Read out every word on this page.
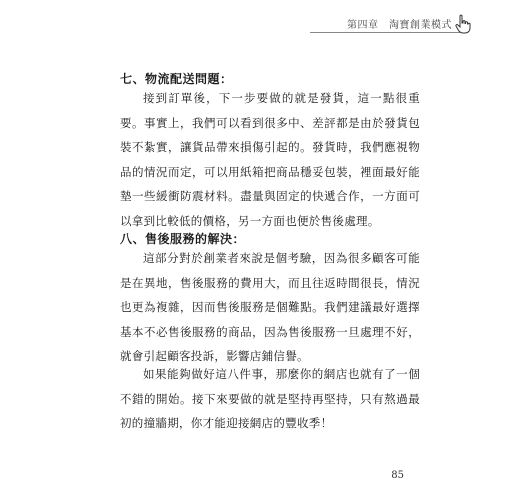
第四章　淘寶創業模式
七、物流配送問題：
接到訂單後，下一步要做的就是發貨，這一點很重要。事實上，我們可以看到很多中、差評都是由於發貨包裝不紮實，讓貨品帶來損傷引起的。發貨時，我們應視物品的情況而定，可以用紙箱把商品穩妥包裝，裡面最好能墊一些緩衝防震材料。盡量與固定的快遞合作，一方面可以拿到比較低的價格，另一方面也便於售後處理。
八、售後服務的解決：
這部分對於創業者來說是個考驗，因為很多顧客可能是在異地，售後服務的費用大，而且往返時間很長，情況也更為複雜，因而售後服務是個難點。我們建議最好選擇基本不必售後服務的商品，因為售後服務一旦處理不好，就會引起顧客投訴，影響店鋪信譽。
如果能夠做好這八件事，那麼你的網店也就有了一個不錯的開始。接下來要做的就是堅持再堅持，只有熬過最初的撞牆期，你才能迎接網店的豐收季！
85
